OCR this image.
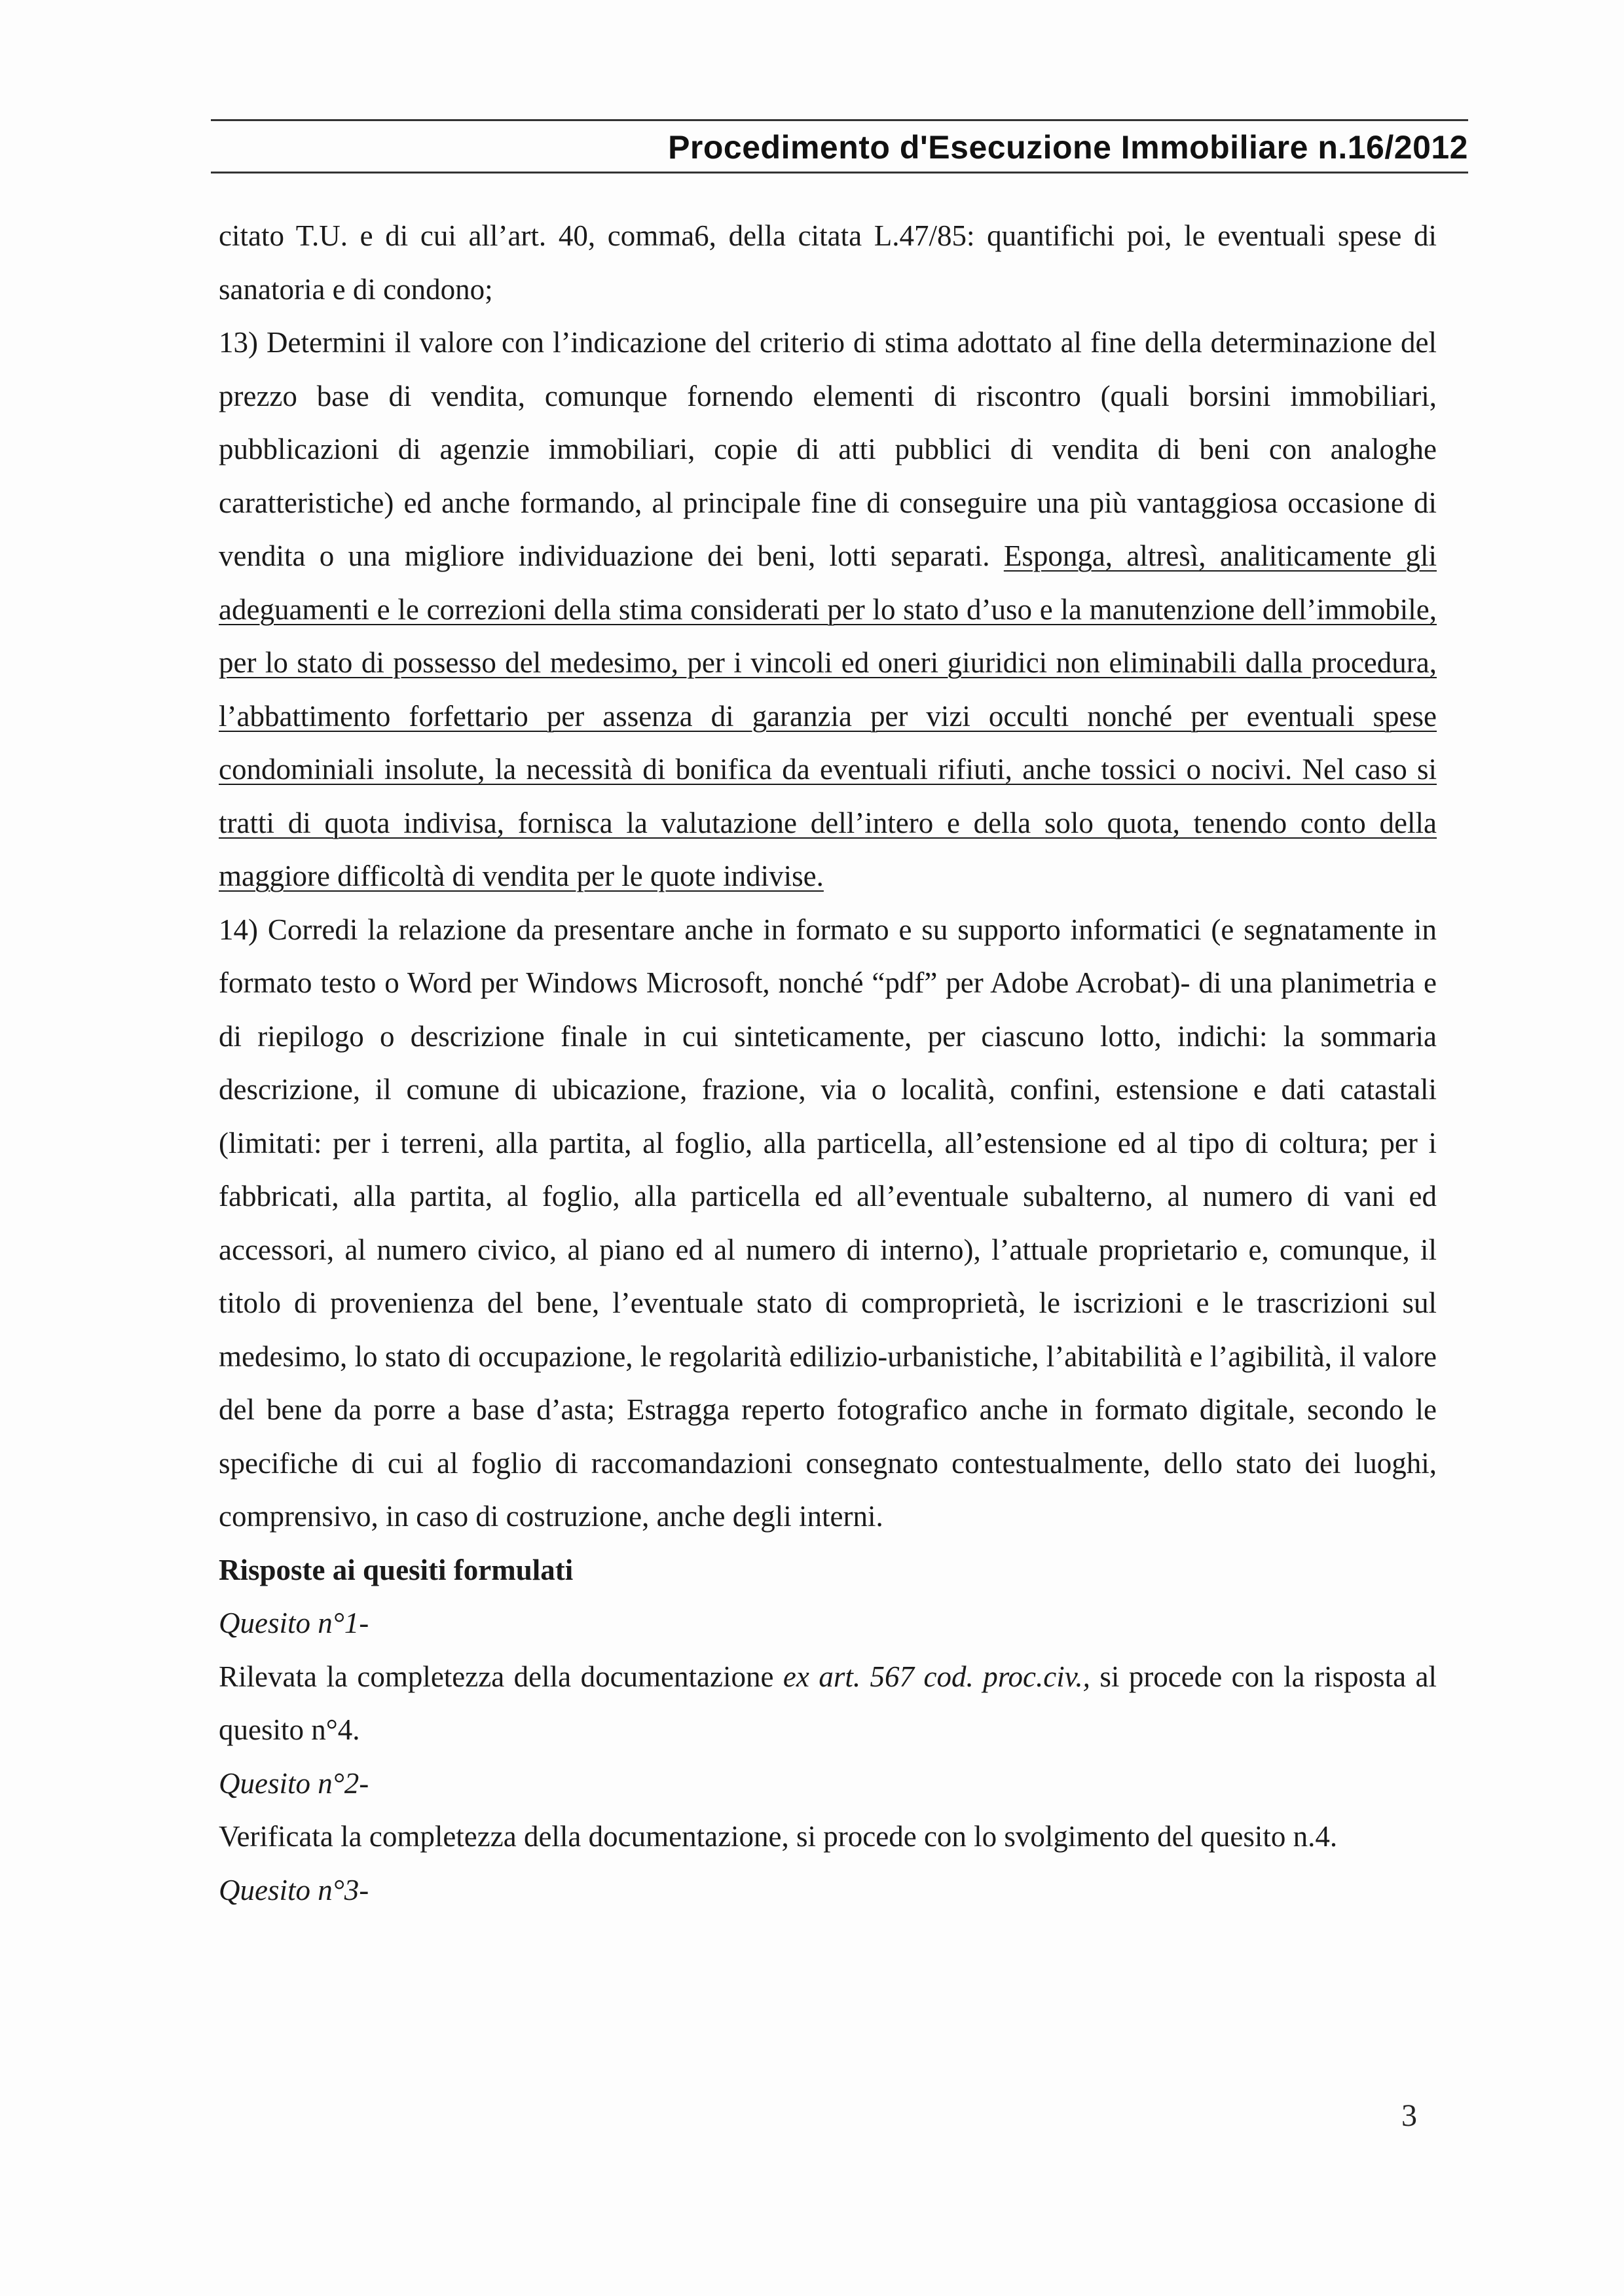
Procedimento d'Esecuzione Immobiliare n.16/2012

citato T.U. e di cui all’art. 40, comma6, della citata L.47/85: quantifichi poi, le eventuali spese di sanatoria e di condono;

13) Determini il valore con l’indicazione del criterio di stima adottato al fine della determinazione del prezzo base di vendita, comunque fornendo elementi di riscontro (quali borsini immobiliari, pubblicazioni di agenzie immobiliari, copie di atti pubblici di vendita di beni con analoghe caratteristiche) ed anche formando, al principale fine di conseguire una più vantaggiosa occasione di vendita o una migliore individuazione dei beni, lotti separati. Esponga, altresì, analiticamente gli adeguamenti e le correzioni della stima considerati per lo stato d’uso e la manutenzione dell’immobile, per lo stato di possesso del medesimo, per i vincoli ed oneri giuridici non eliminabili dalla procedura, l’abbattimento forfettario per assenza di garanzia per vizi occulti nonché per eventuali spese condominiali insolute, la necessità di bonifica da eventuali rifiuti, anche tossici o nocivi. Nel caso si tratti di quota indivisa, fornisca la valutazione dell’intero e della solo quota, tenendo conto della maggiore difficoltà di vendita per le quote indivise.

14) Corredi la relazione da presentare anche in formato e su supporto informatici (e segnatamente in formato testo o Word per Windows Microsoft, nonché “pdf” per Adobe Acrobat)- di una planimetria e di riepilogo o descrizione finale in cui sinteticamente, per ciascuno lotto, indichi: la sommaria descrizione, il comune di ubicazione, frazione, via o località, confini, estensione e dati catastali (limitati: per i terreni, alla partita, al foglio, alla particella, all’estensione ed al tipo di coltura; per i fabbricati, alla partita, al foglio, alla particella ed all’eventuale subalterno, al numero di vani ed accessori, al numero civico, al piano ed al numero di interno), l’attuale proprietario e, comunque, il titolo di provenienza del bene, l’eventuale stato di comproprietà, le iscrizioni e le trascrizioni sul medesimo, lo stato di occupazione, le regolarità edilizio-urbanistiche, l’abitabilità e l’agibilità, il valore del bene da porre a base d’asta; Estragga reperto fotografico anche in formato digitale, secondo le specifiche di cui al foglio di raccomandazioni consegnato contestualmente, dello stato dei luoghi, comprensivo, in caso di costruzione, anche degli interni.

Risposte ai quesiti formulati

Quesito n°1-

Rilevata la completezza della documentazione ex art. 567 cod. proc.civ., si procede con la risposta al quesito n°4.

Quesito n°2-

Verificata la completezza della documentazione, si procede con lo svolgimento del quesito n.4.

Quesito n°3-

3
